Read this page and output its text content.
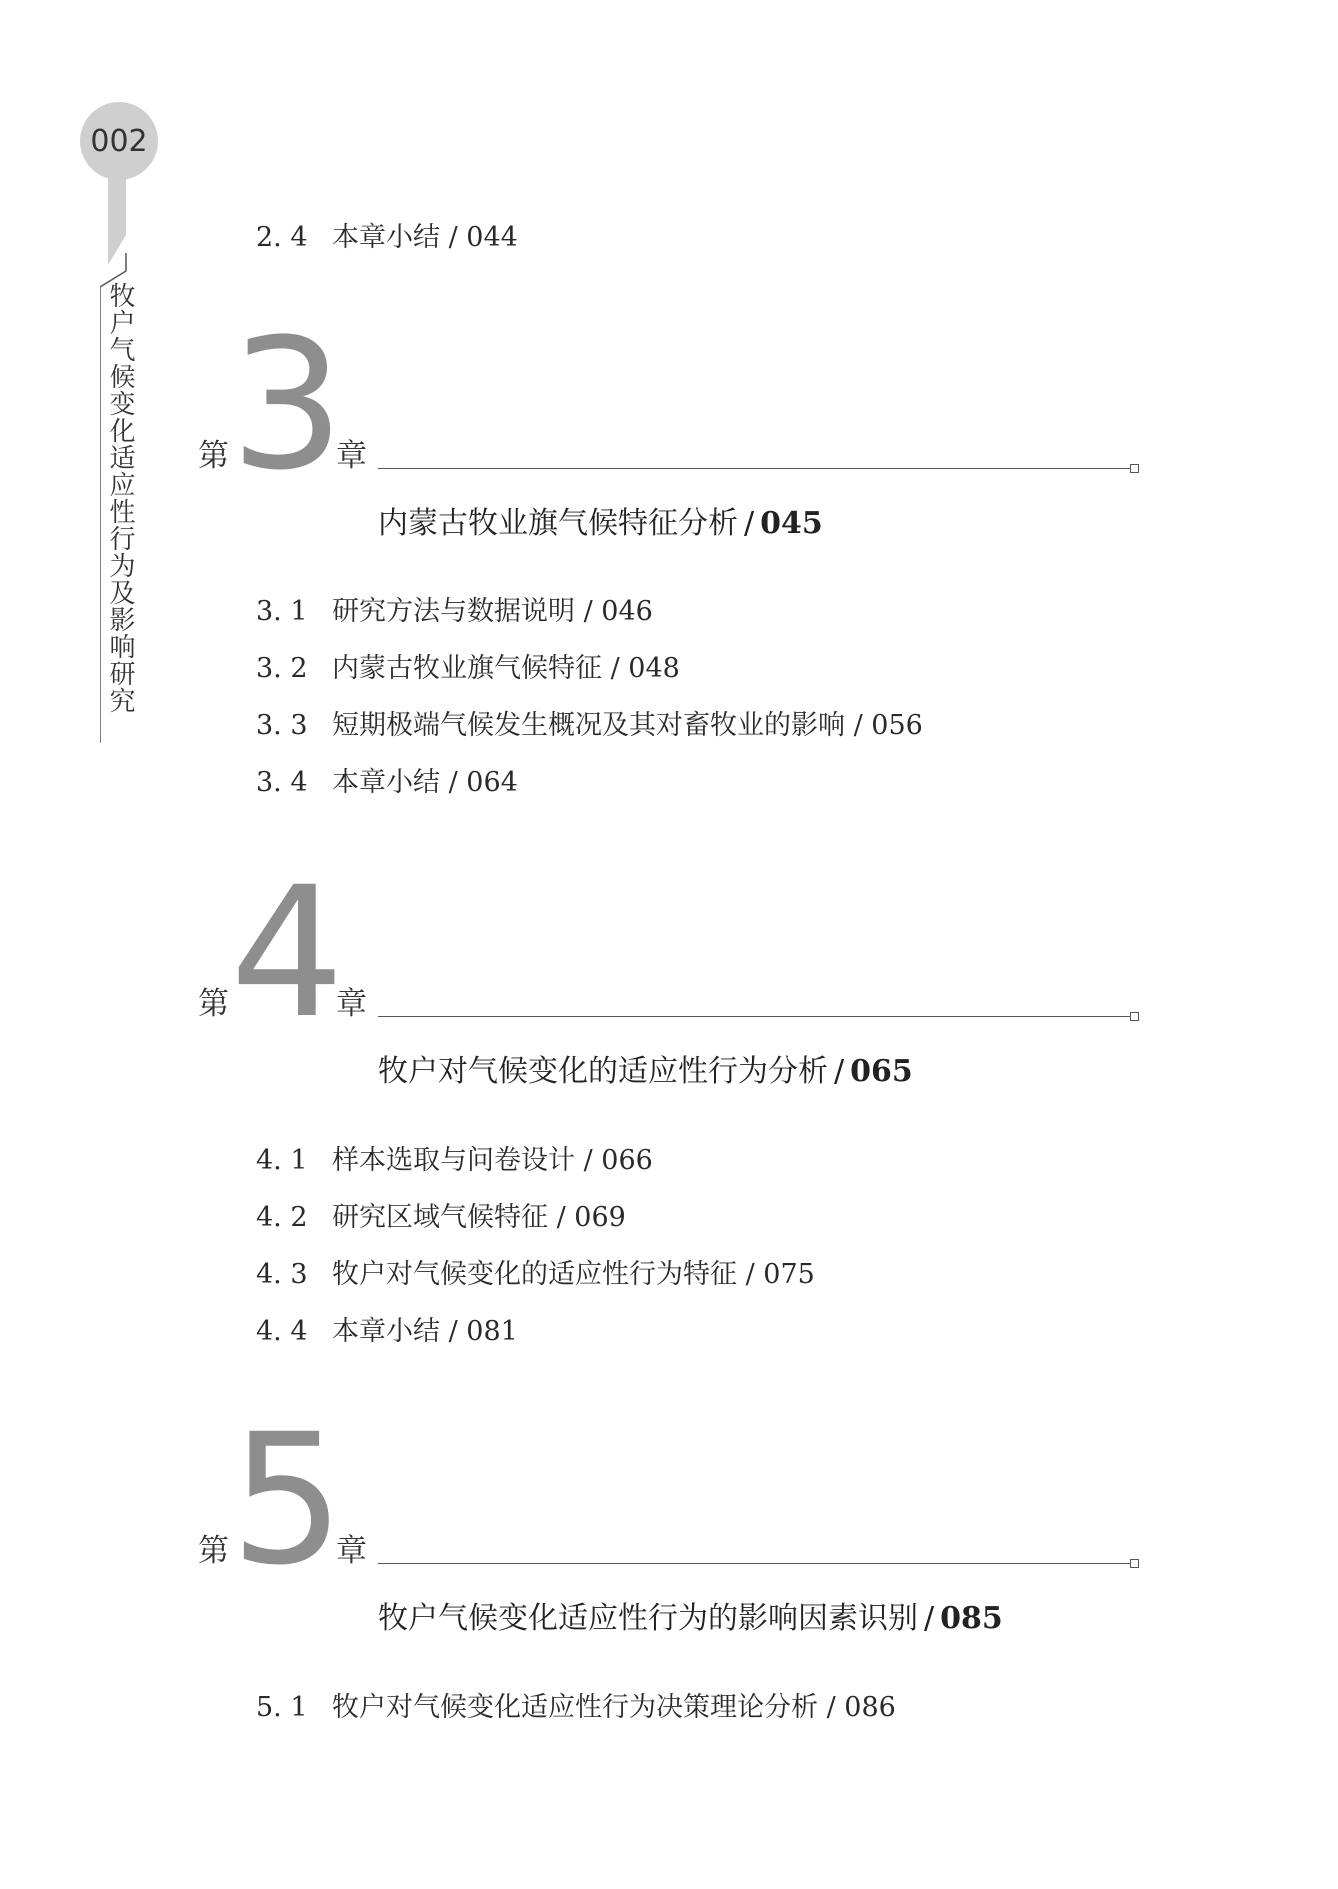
002
牧户气候变化适应性行为及影响研究
2. 4 本章小结 / 044
第 3
章
内蒙古牧业旗气候特征分析 / 045
3. 1 研究方法与数据说明 / 046
3. 2 内蒙古牧业旗气候特征 / 048
3. 3 短期极端气候发生概况及其对畜牧业的影响 / 056
3. 4 本章小结 / 064
第 4
章
牧户对气候变化的适应性行为分析 / 065
4. 1 样本选取与问卷设计 / 066
4. 2 研究区域气候特征 / 069
4. 3 牧户对气候变化的适应性行为特征 / 075
4. 4 本章小结 / 081
第 5
章
牧户气候变化适应性行为的影响因素识别 / 085
5. 1 牧户对气候变化适应性行为决策理论分析 / 086
